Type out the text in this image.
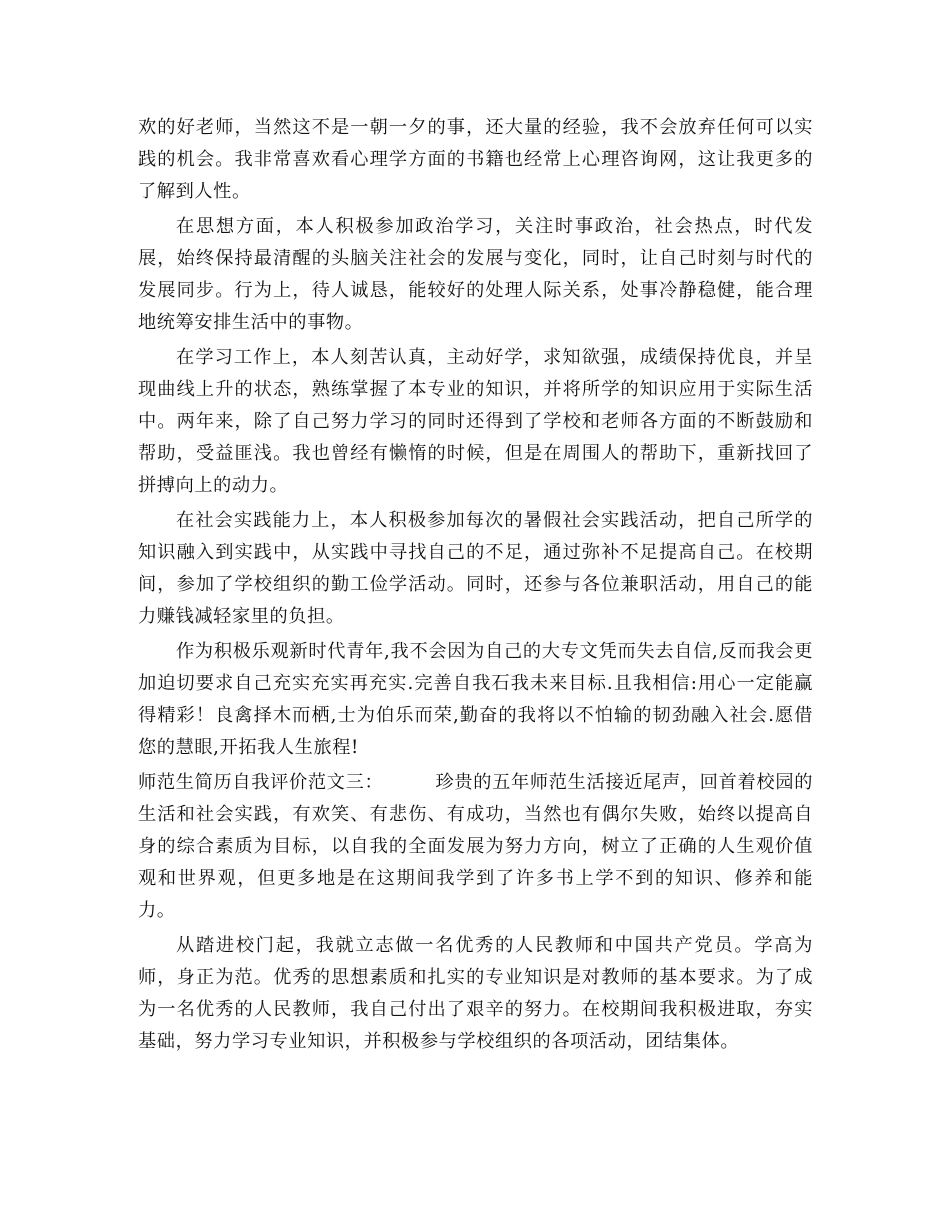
欢的好老师，当然这不是一朝一夕的事，还大量的经验，我不会放弃任何可以实践的机会。我非常喜欢看心理学方面的书籍也经常上心理咨询网，这让我更多的了解到人性。

在思想方面，本人积极参加政治学习，关注时事政治，社会热点，时代发展，始终保持最清醒的头脑关注社会的发展与变化，同时，让自己时刻与时代的发展同步。行为上，待人诚恳，能较好的处理人际关系，处事冷静稳健，能合理地统筹安排生活中的事物。

在学习工作上，本人刻苦认真，主动好学，求知欲强，成绩保持优良，并呈现曲线上升的状态，熟练掌握了本专业的知识，并将所学的知识应用于实际生活中。两年来，除了自己努力学习的同时还得到了学校和老师各方面的不断鼓励和帮助，受益匪浅。我也曾经有懒惰的时候，但是在周围人的帮助下，重新找回了拼搏向上的动力。

在社会实践能力上，本人积极参加每次的暑假社会实践活动，把自己所学的知识融入到实践中，从实践中寻找自己的不足，通过弥补不足提高自己。在校期间，参加了学校组织的勤工俭学活动。同时，还参与各位兼职活动，用自己的能力赚钱减轻家里的负担。

作为积极乐观新时代青年,我不会因为自己的大专文凭而失去自信,反而我会更加迫切要求自己充实充实再充实.完善自我石我未来目标.且我相信:用心一定能赢得精彩！良禽择木而栖,士为伯乐而荣,勤奋的我将以不怕输的韧劲融入社会.愿借您的慧眼,开拓我人生旅程!

师范生简历自我评价范文三：	珍贵的五年师范生活接近尾声，回首着校园的生活和社会实践，有欢笑、有悲伤、有成功，当然也有偶尔失败，始终以提高自身的综合素质为目标，以自我的全面发展为努力方向，树立了正确的人生观价值观和世界观，但更多地是在这期间我学到了许多书上学不到的知识、修养和能力。

从踏进校门起，我就立志做一名优秀的人民教师和中国共产党员。学高为师，身正为范。优秀的思想素质和扎实的专业知识是对教师的基本要求。为了成为一名优秀的人民教师，我自己付出了艰辛的努力。在校期间我积极进取，夯实基础，努力学习专业知识，并积极参与学校组织的各项活动，团结集体。
